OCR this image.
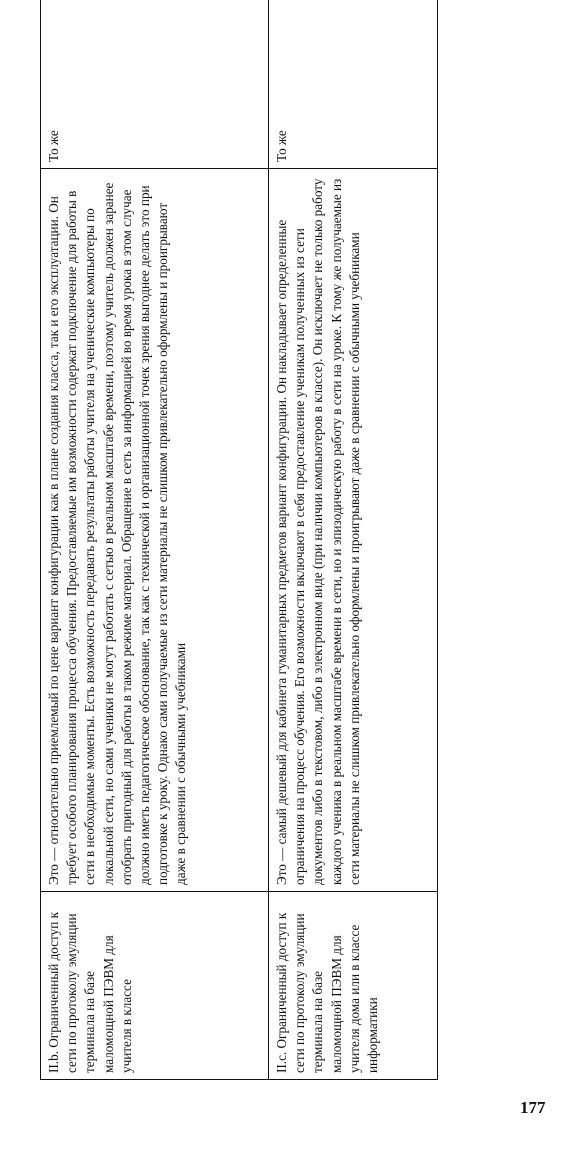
II.b. Ограниченный доступ к сети по протоколу эмуляции терминала на базе маломощной ПЭВМ для учителя в классе	Это — относительно приемлемый по цене вариант конфигурации как в плане создания класса, так и его эксплуатации. Он требует особого планирования процесса обучения. Предоставляемые им возможности содержат подключение для работы в сети в необходимые моменты. Есть возможность передавать результаты работы учителя на ученические компьютеры по локальной сети, но сами ученики не могут работать с сетью в реальном масштабе времени, поэтому учитель должен заранее отобрать пригодный для работы в таком режиме материал. Обращение в сеть за информацией во время урока в этом случае должно иметь педагогическое обоснование, так как с технической и организационной точек зрения выгоднее делать это при подготовке к уроку. Однако сами получаемые из сети материалы не слишком привлекательно оформлены и проигрывают даже в сравнении с обычными учебниками	То же
II.c. Ограниченный доступ к сети по протоколу эмуляции терминала на базе маломощной ПЭВМ для учителя дома или в классе информатики	Это — самый дешевый для кабинета гуманитарных предметов вариант конфигурации. Он накладывает определенные ограничения на процесс обучения. Его возможности включают в себя предоставление ученикам полученных из сети документов либо в текстовом, либо в электронном виде (при наличии компьютеров в классе). Он исключает не только работу каждого ученика в реальном масштабе времени в сети, но и эпизодическую работу в сети на уроке. К тому же получаемые из сети материалы не слишком привлекательно оформлены и проигрывают даже в сравнении с обычными учебниками	То же
177
